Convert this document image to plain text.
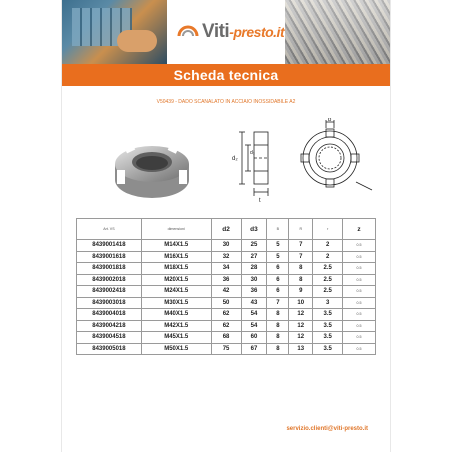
Viti-presto.it
Scheda tecnica
V50439 - DADO SCANALATO IN ACCIAIO INOSSIDABILE A2
d₂
d₃
t
b
Art. VS	dimensioni	d2	d3	B	R	r	z
8439001418	M14X1.5	30	25	5	7	2	0.5
8439001618	M16X1.5	32	27	5	7	2	0.5
8439001818	M18X1.5	34	28	6	8	2.5	0.5
8439002018	M20X1.5	36	30	6	8	2.5	0.5
8439002418	M24X1.5	42	36	6	9	2.5	0.5
8439003018	M30X1.5	50	43	7	10	3	0.5
8439004018	M40X1.5	62	54	8	12	3.5	0.5
8439004218	M42X1.5	62	54	8	12	3.5	0.5
8439004518	M45X1.5	68	60	8	12	3.5	0.5
8439005018	M50X1.5	75	67	8	13	3.5	0.5
servizio.clienti@viti-presto.it
